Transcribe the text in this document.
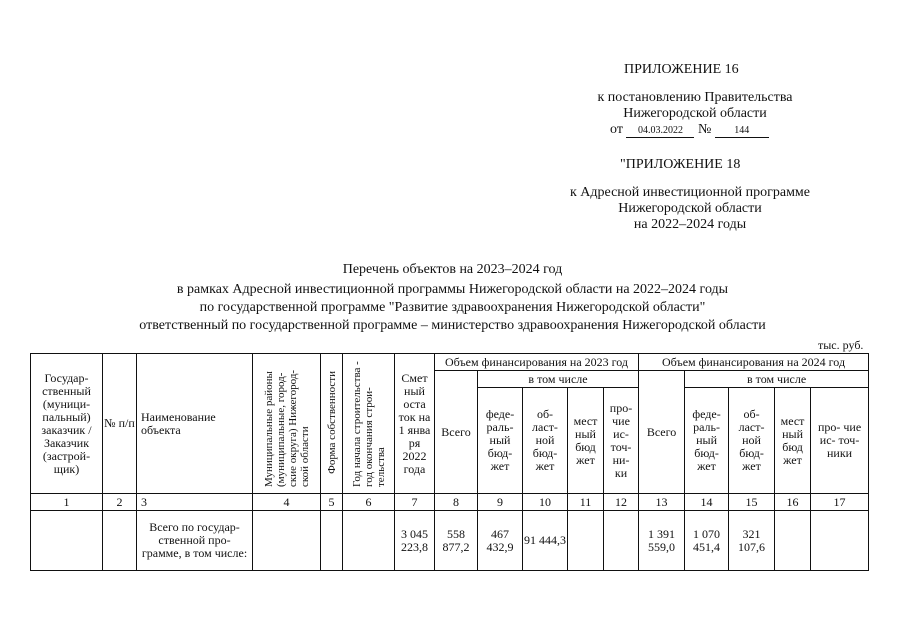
ПРИЛОЖЕНИЕ 16
к постановлению Правительства
Нижегородской области
от 04.03.2022 № 144
"ПРИЛОЖЕНИЕ 18
к Адресной инвестиционной программе
Нижегородской области
на 2022–2024 годы
Перечень объектов на 2023–2024 год
в рамках Адресной инвестиционной программы Нижегородской области на 2022–2024 годы
по государственной программе "Развитие здравоохранения Нижегородской области"
ответственный по государственной программе – министерство здравоохранения Нижегородской области
тыс. руб.
Государ- ственный (муници- пальный) заказчик / Заказчик (застрой- щик)	№ п/п	Наименование объекта	Муниципальные районы (муниципальные, город- ские округа) Нижегород- ской области	Форма собственности	Год начала строительства - год окончания строи- тельства	Смет ный оста ток на 1 янва ря 2022 года	Объем финансирования на 2023 год					Объем финансирования на 2024 год				
							Всего	в том числе				Всего	в том числе			
								феде- раль- ный бюд- жет	об- ласт- ной бюд- жет	мест ный бюд жет	про- чие ис- точ- ни- ки		феде- раль- ный бюд- жет	об- ласт- ной бюд- жет	мест ный бюд жет	про- чие ис- точ- ники
1	2	3	4	5	6	7	8	9	10	11	12	13	14	15	16	17
		Всего по государ- ственной про- грамме, в том числе:				3 045 223,8	558 877,2	467 432,9	91 444,3			1 391 559,0	1 070 451,4	321 107,6		
